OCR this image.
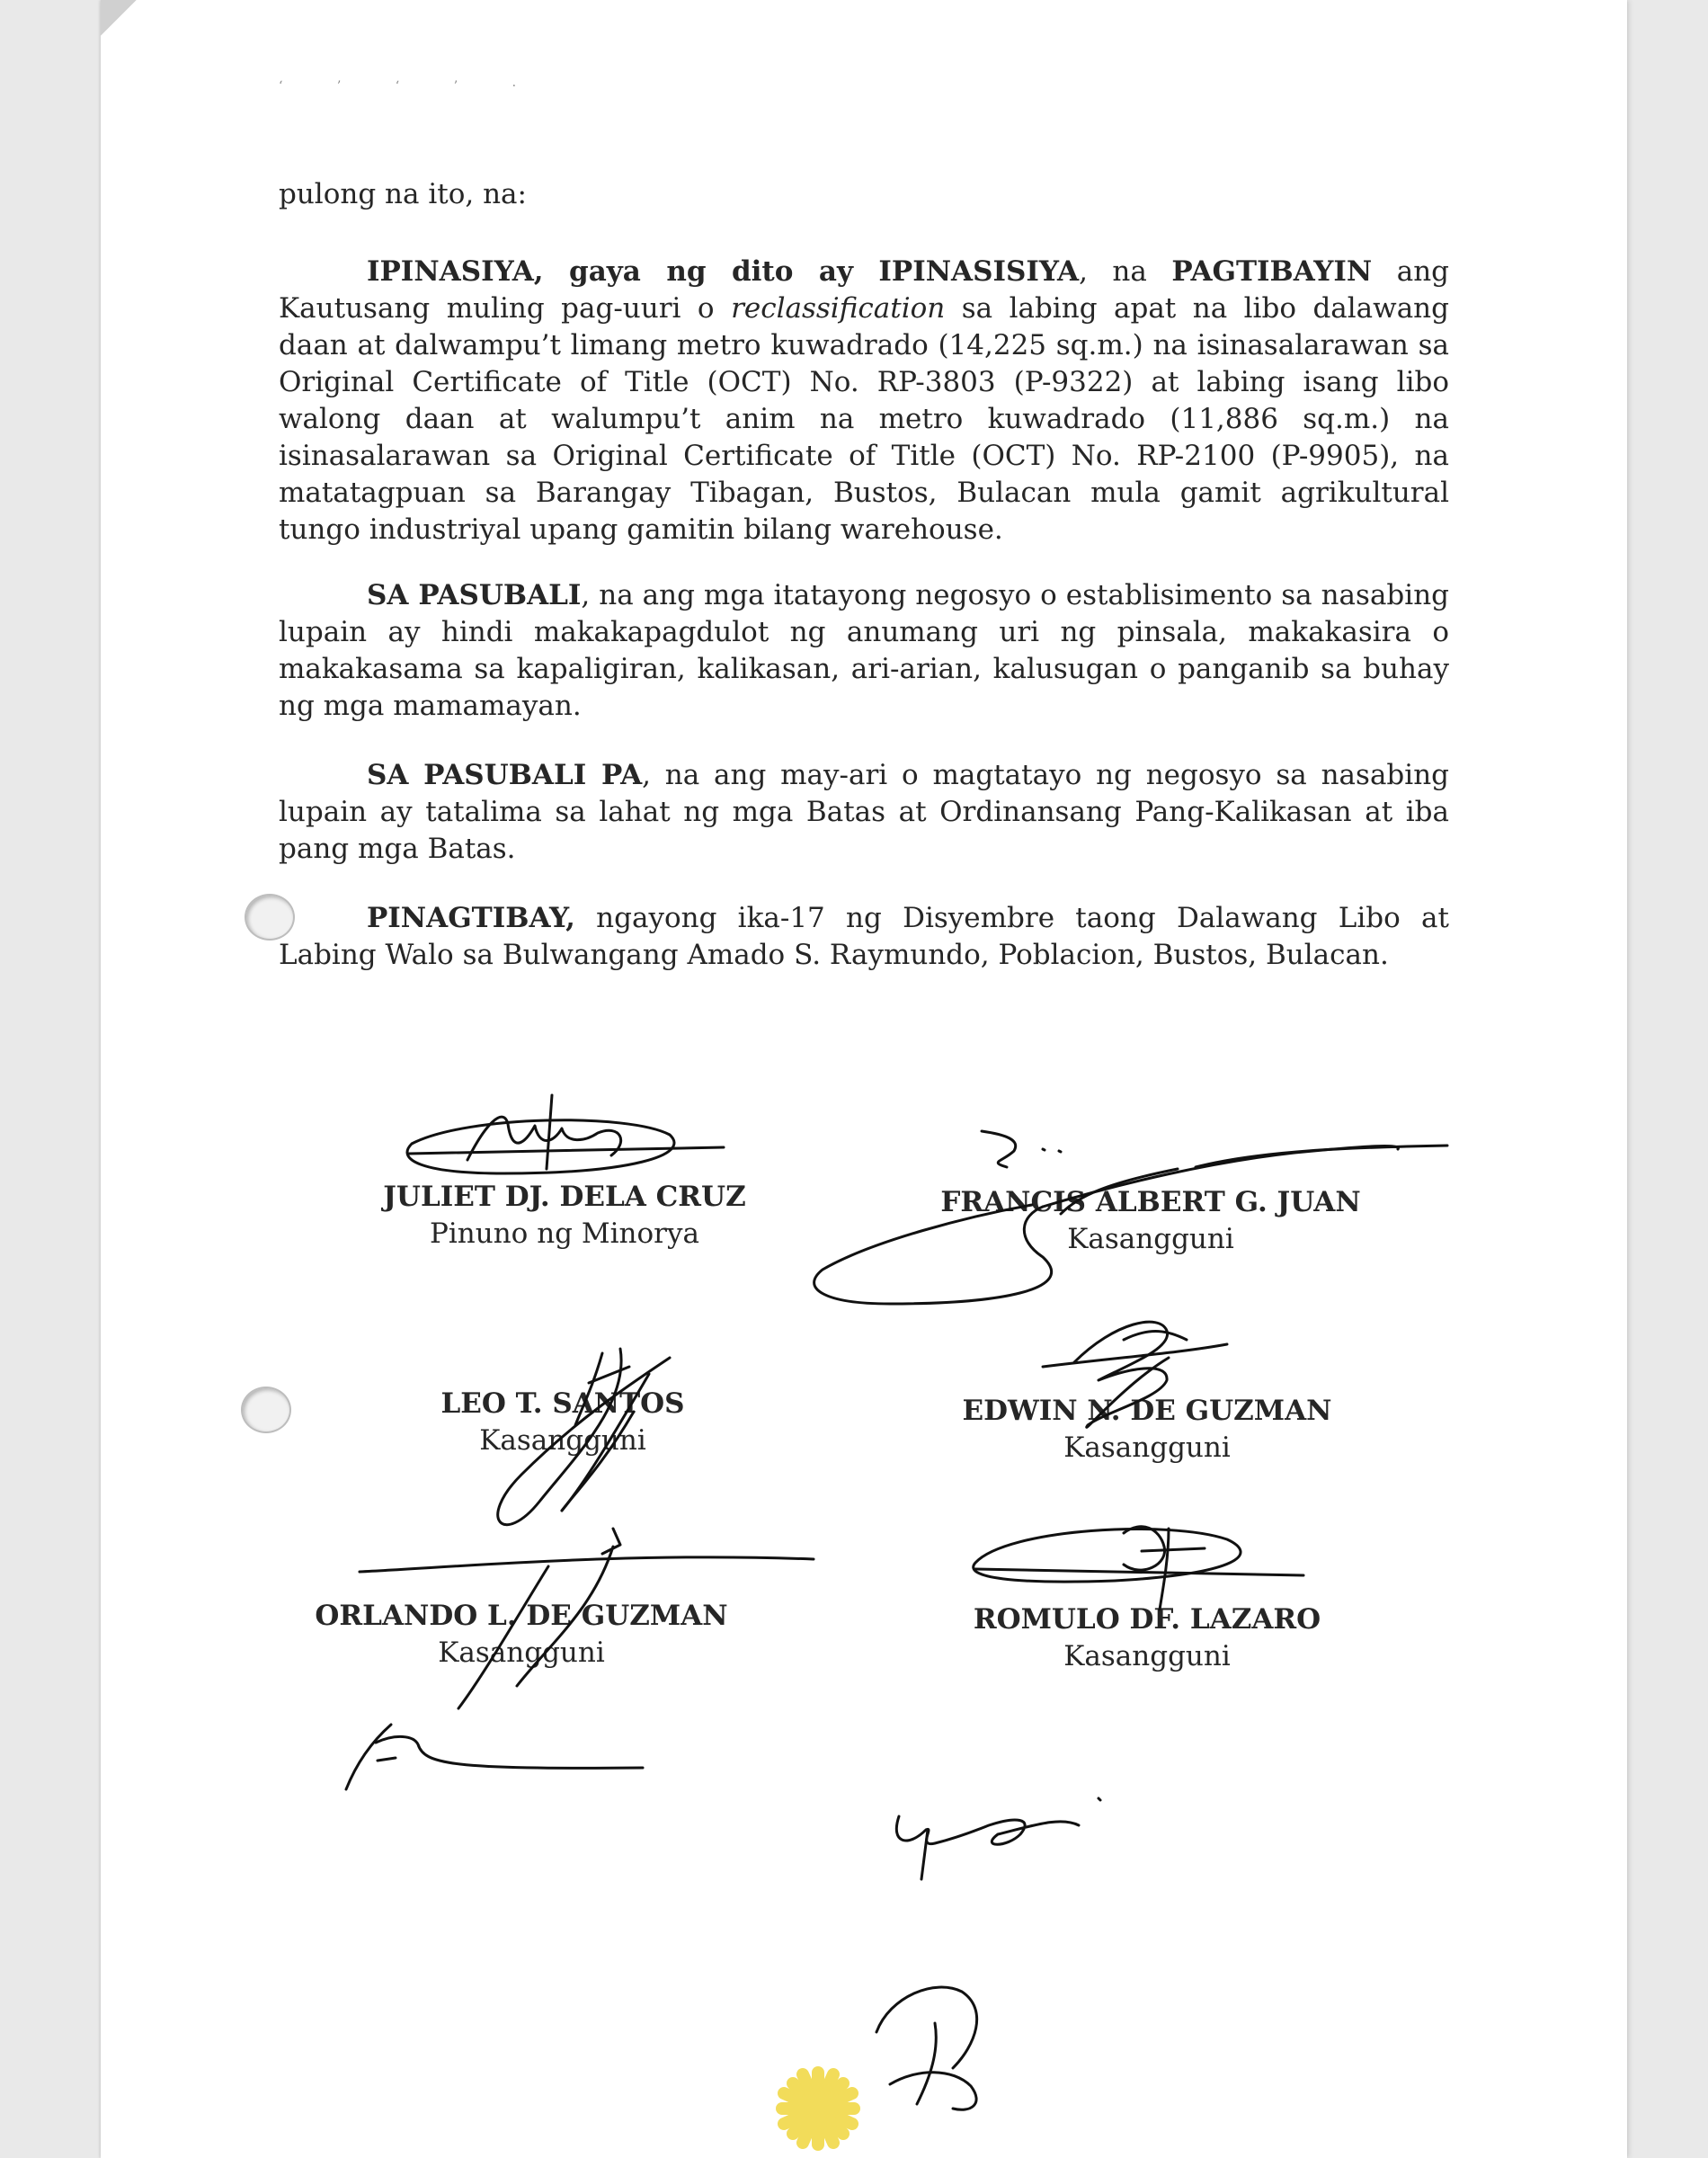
‘ ’ ‘ ’ ·

pulong na ito, na:

IPINASIYA, gaya ng dito ay IPINASISIYA, na PAGTIBAYIN ang Kautusang muling pag-uuri o reclassification sa labing apat na libo dalawang daan at dalwampu’t limang metro kuwadrado (14,225 sq.m.) na isinasalarawan sa Original Certificate of Title (OCT) No. RP-3803 (P-9322) at labing isang libo walong daan at walumpu’t anim na metro kuwadrado (11,886 sq.m.) na isinasalarawan sa Original Certificate of Title (OCT) No. RP-2100 (P-9905), na matatagpuan sa Barangay Tibagan, Bustos, Bulacan mula gamit agrikultural tungo industriyal upang gamitin bilang warehouse.

SA PASUBALI, na ang mga itatayong negosyo o establisimento sa nasabing lupain ay hindi makakapagdulot ng anumang uri ng pinsala, makakasira o makakasama sa kapaligiran, kalikasan, ari-arian, kalusugan o panganib sa buhay ng mga mamamayan.

SA PASUBALI PA, na ang may-ari o magtatayo ng negosyo sa nasabing lupain ay tatalima sa lahat ng mga Batas at Ordinansang Pang-Kalikasan at iba pang mga Batas.

PINAGTIBAY, ngayong ika-17 ng Disyembre taong Dalawang Libo at Labing Walo sa Bulwangang Amado S. Raymundo, Poblacion, Bustos, Bulacan.

JULIET DJ. DELA CRUZ
Pinuno ng Minorya
FRANCIS ALBERT G. JUAN
Kasangguni
LEO T. SANTOS
Kasangguni
EDWIN N. DE GUZMAN
Kasangguni
ORLANDO L. DE GUZMAN
Kasangguni
ROMULO DF. LAZARO
Kasangguni
